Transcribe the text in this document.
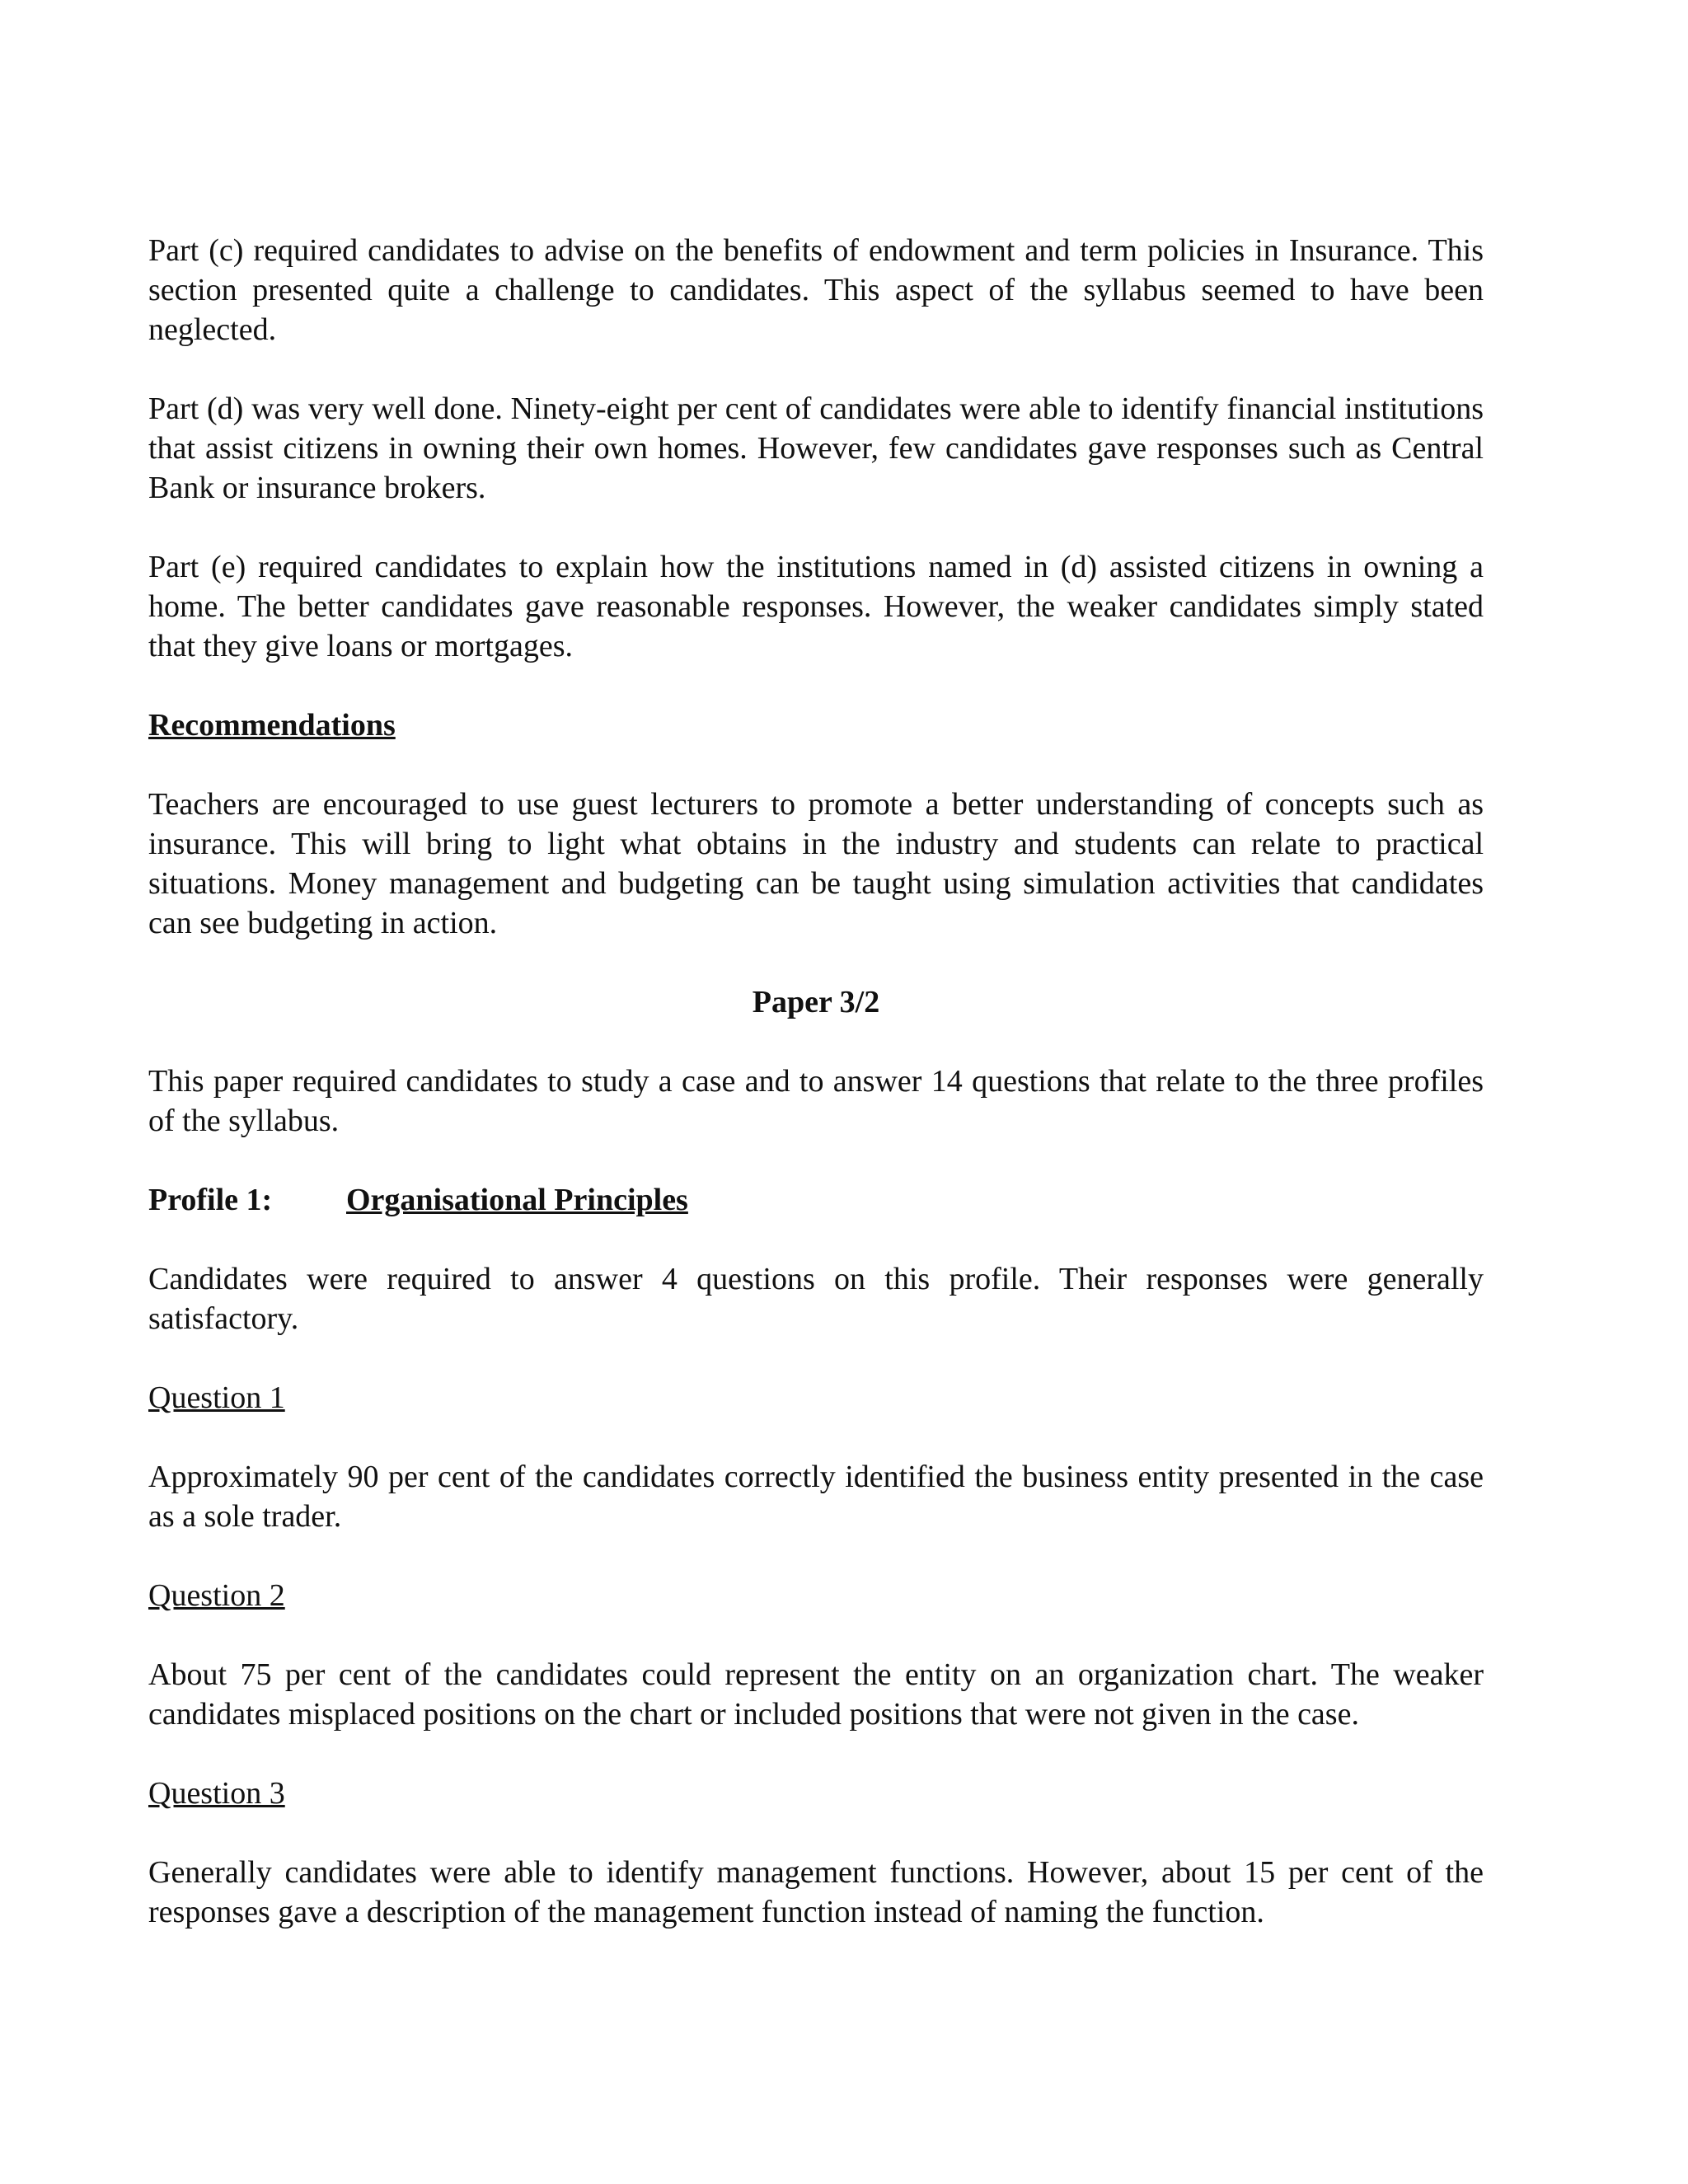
Part (c) required candidates to advise on the benefits of endowment and term policies in Insurance. This section presented quite a challenge to candidates. This aspect of the syllabus seemed to have been neglected.

Part (d) was very well done. Ninety-eight per cent of candidates were able to identify financial institutions that assist citizens in owning their own homes. However, few candidates gave responses such as Central Bank or insurance brokers.

Part (e) required candidates to explain how the institutions named in (d) assisted citizens in owning a home. The better candidates gave reasonable responses. However, the weaker candidates simply stated that they give loans or mortgages.

Recommendations

Teachers are encouraged to use guest lecturers to promote a better understanding of concepts such as insurance. This will bring to light what obtains in the industry and students can relate to practical situations. Money management and budgeting can be taught using simulation activities that candidates can see budgeting in action.

Paper 3/2

This paper required candidates to study a case and to answer 14 questions that relate to the three profiles of the syllabus.

Profile 1: Organisational Principles

Candidates were required to answer 4 questions on this profile. Their responses were generally satisfactory.

Question 1

Approximately 90 per cent of the candidates correctly identified the business entity presented in the case as a sole trader.

Question 2

About 75 per cent of the candidates could represent the entity on an organization chart. The weaker candidates misplaced positions on the chart or included positions that were not given in the case.

Question 3

Generally candidates were able to identify management functions. However, about 15 per cent of the responses gave a description of the management function instead of naming the function.
